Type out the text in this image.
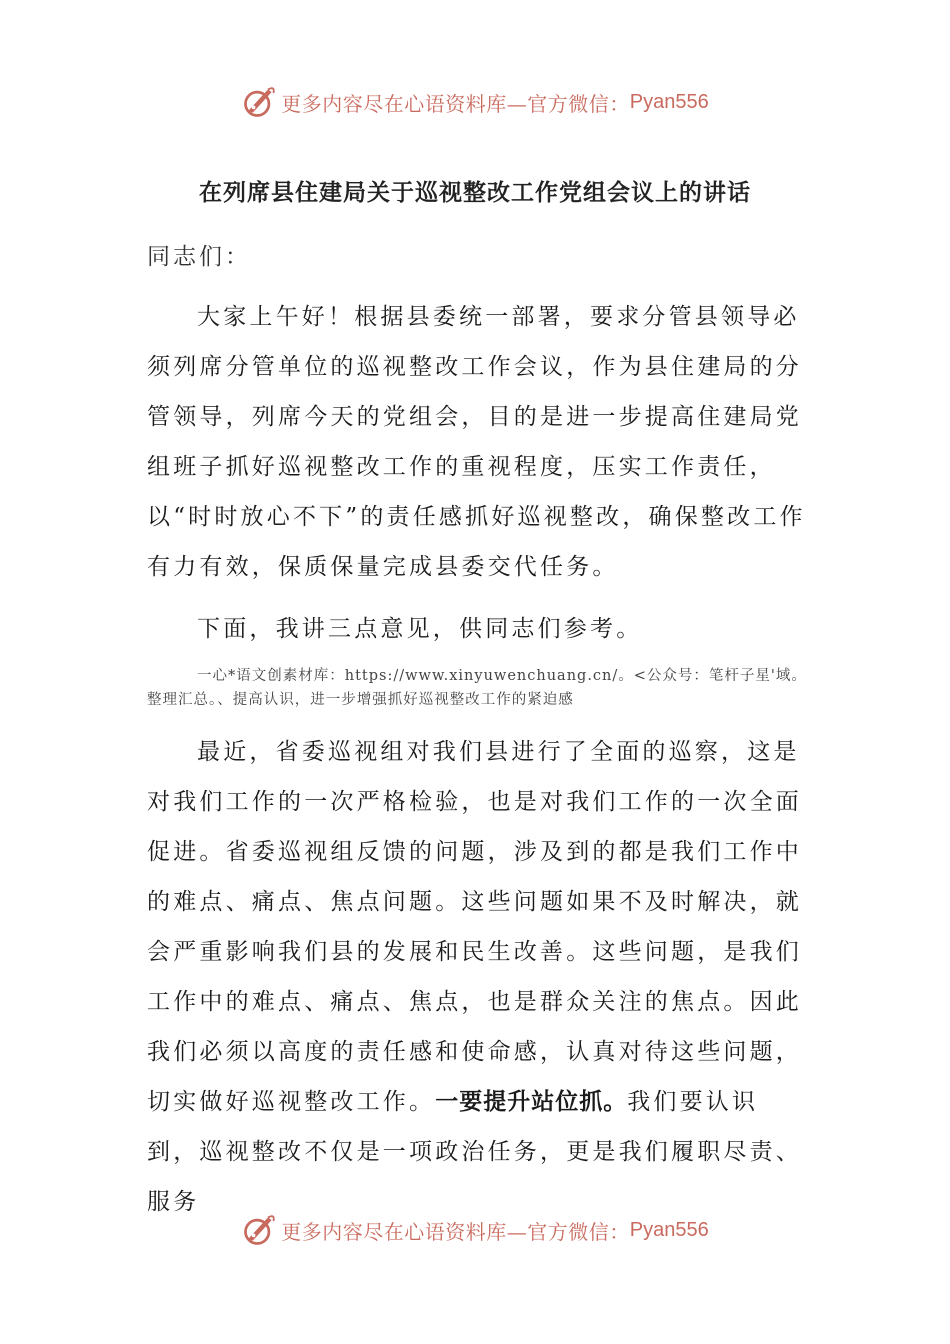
更多内容尽在心语资料库—官方微信： Pyan556
在列席县住建局关于巡视整改工作党组会议上的讲话
同志们：

大家上午好！根据县委统一部署，要求分管县领导必须列席分管单位的巡视整改工作会议，作为县住建局的分管领导，列席今天的党组会，目的是进一步提高住建局党组班子抓好巡视整改工作的重视程度，压实工作责任，以“时时放心不下”的责任感抓好巡视整改，确保整改工作有力有效，保质保量完成县委交代任务。

下面，我讲三点意见，供同志们参考。

一心*语文创素材库：https://www.xinyuwenchuang.cn/。<公众号：笔杆子星'域。整理汇总。、提高认识，进一步增强抓好巡视整改工作的紧迫感

最近，省委巡视组对我们县进行了全面的巡察，这是对我们工作的一次严格检验，也是对我们工作的一次全面促进。省委巡视组反馈的问题，涉及到的都是我们工作中的难点、痛点、焦点问题。这些问题如果不及时解决，就会严重影响我们县的发展和民生改善。这些问题，是我们工作中的难点、痛点、焦点，也是群众关注的焦点。因此我们必须以高度的责任感和使命感，认真对待这些问题，切实做好巡视整改工作。一要提升站位抓。我们要认识到，巡视整改不仅是一项政治任务，更是我们履职尽责、服务

更多内容尽在心语资料库—官方微信： Pyan556
